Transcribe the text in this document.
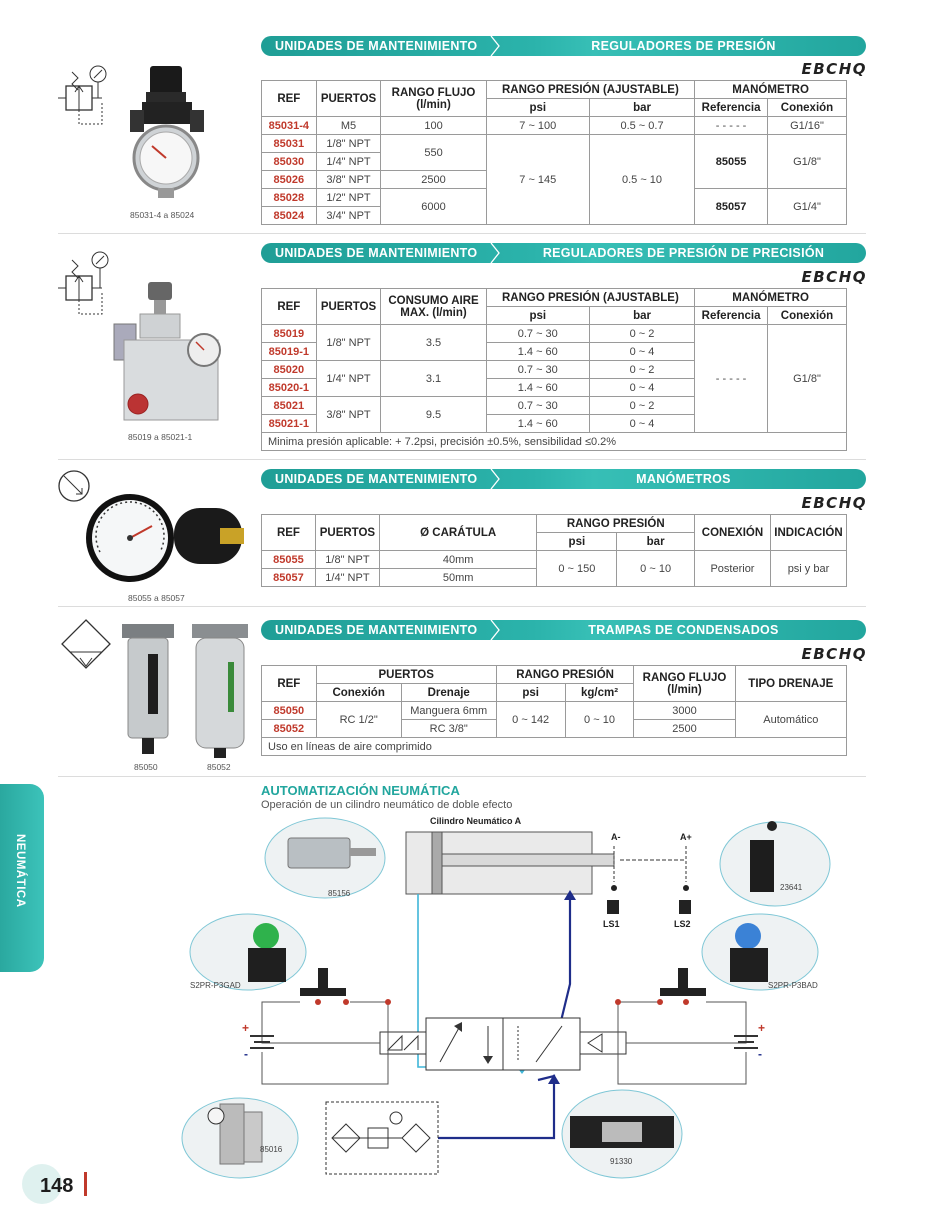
UNIDADES DE MANTENIMIENTO	REGULADORES DE PRESIÓN
EBCHQ
85031-4 a 85024
REF	PUERTOS	RANGO FLUJO
(l/min)	RANGO PRESIÓN (AJUSTABLE)		MANÓMETRO	
			psi	bar	Referencia	Conexión
85031-4	M5	100	7 ~ 100	0.5 ~ 0.7	- - - - -	G1/16"
85031	1/8" NPT	550	7 ~ 145	0.5 ~ 10	85055	G1/8"
85030	1/4" NPT					
85026	3/8" NPT	2500				
85028	1/2" NPT	6000			85057	G1/4"
85024	3/4" NPT					
UNIDADES DE MANTENIMIENTO	REGULADORES DE PRESIÓN DE PRECISIÓN
EBCHQ
85019 a 85021-1
REF	PUERTOS	CONSUMO AIRE
MAX. (l/min)	RANGO PRESIÓN (AJUSTABLE)		MANÓMETRO	
			psi	bar	Referencia	Conexión
85019	1/8" NPT	3.5	0.7 ~ 30	0 ~ 2	- - - - -	G1/8"
85019-1			1.4 ~ 60	0 ~ 4		
85020	1/4" NPT	3.1	0.7 ~ 30	0 ~ 2		
85020-1			1.4 ~ 60	0 ~ 4		
85021	3/8" NPT	9.5	0.7 ~ 30	0 ~ 2		
85021-1			1.4 ~ 60	0 ~ 4		
Minima presión aplicable: + 7.2psi, precisión ±0.5%, sensibilidad ≤0.2%						
UNIDADES DE MANTENIMIENTO	MANÓMETROS
EBCHQ
85055 a 85057
REF	PUERTOS	Ø CARÁTULA	RANGO PRESIÓN		CONEXIÓN	INDICACIÓN
			psi	bar		
85055	1/8" NPT	40mm	0 ~ 150	0 ~ 10	Posterior	psi y bar
85057	1/4" NPT	50mm				
UNIDADES DE MANTENIMIENTO	TRAMPAS DE CONDENSADOS
EBCHQ
85050	85052
REF	PUERTOS		RANGO PRESIÓN		RANGO FLUJO
(l/min)	TIPO DRENAJE
	Conexión	Drenaje	psi	kg/cm²		
85050	RC 1/2"	Manguera 6mm	0 ~ 142	0 ~ 10	3000	Automático
85052		RC 3/8"			2500	
Uso en líneas de aire comprimido						
NEUMÁTICA
AUTOMATIZACIÓN NEUMÁTICA
Operación de un cilindro neumático de doble efecto
85156
23641
S2PR-P3GAD	S2PR-P3BAD
85016
91330
Cilindro Neumático A
A-	A+
LS1	LS2
+
-
+
-
148
